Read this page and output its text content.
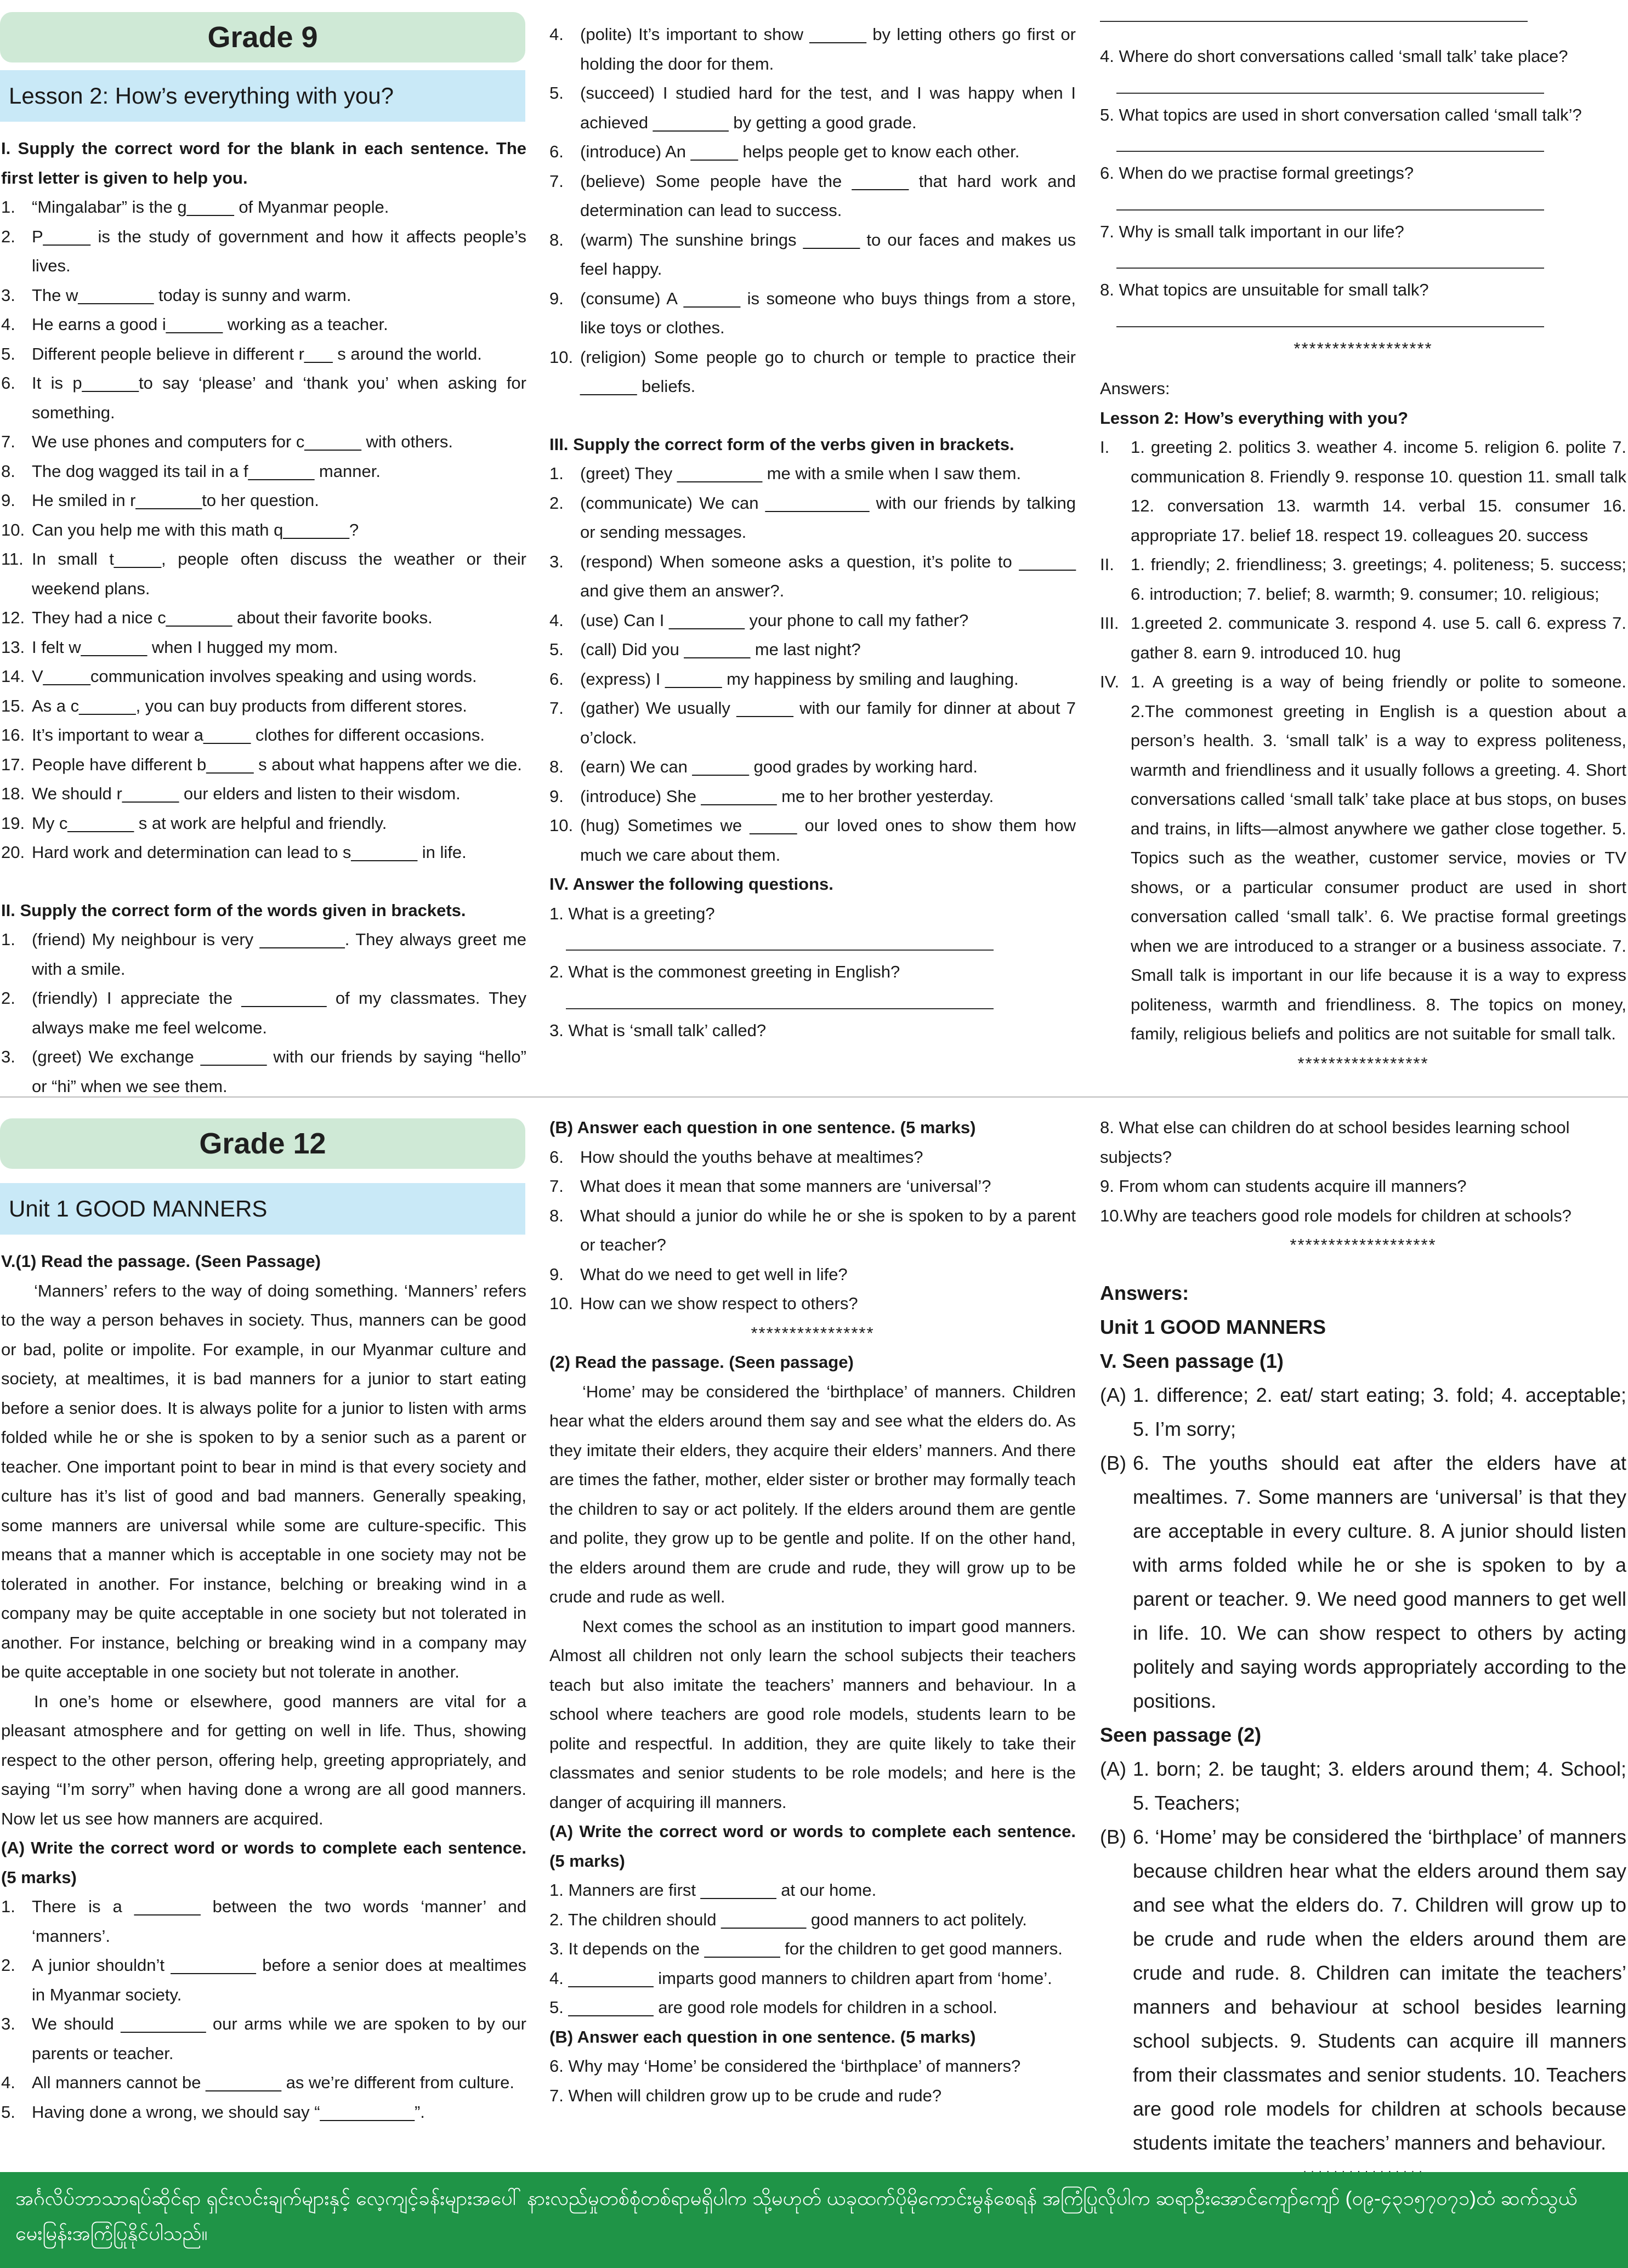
Grade 9
Lesson 2: How’s everything with you?

I. Supply the correct word for the blank in each sentence. The first letter is given to help you.

1. “Mingalabar” is the g_____ of Myanmar people.
2. P_____ is the study of government and how it affects people’s lives.
3. The w________ today is sunny and warm.
4. He earns a good i______ working as a teacher.
5. Different people believe in different r___ s around the world.
6. It is p______to say ‘please’ and ‘thank you’ when asking for something.
7. We use phones and computers for c______ with others.
8. The dog wagged its tail in a f_______ manner.
9. He smiled in r_______to her question.
10. Can you help me with this math q_______?
11. In small t_____, people often discuss the weather or their weekend plans.
12. They had a nice c_______ about their favorite books.
13. I felt w_______ when I hugged my mom.
14. V_____communication involves speaking and using words.
15. As a c______, you can buy products from different stores.
16. It’s important to wear a_____ clothes for different occasions.
17. People have different b_____ s about what happens after we die.
18. We should r______ our elders and listen to their wisdom.
19. My c_______ s at work are helpful and friendly.
20. Hard work and determination can lead to s_______ in life.

II. Supply the correct form of the words given in brackets.

1. (friend) My neighbour is very _________. They always greet me with a smile.
2. (friendly) I appreciate the _________ of my classmates. They always make me feel welcome.
3. (greet) We exchange _______ with our friends by saying “hello” or “hi” when we see them.
4. (polite) It’s important to show ______ by letting others go first or holding the door for them.
5. (succeed) I studied hard for the test, and I was happy when I achieved ________ by getting a good grade.
6. (introduce) An _____ helps people get to know each other.
7. (believe) Some people have the ______ that hard work and determination can lead to success.
8. (warm) The sunshine brings ______ to our faces and makes us feel happy.
9. (consume) A ______ is someone who buys things from a store, like toys or clothes.
10. (religion) Some people go to church or temple to practice their ______ beliefs.

III. Supply the correct form of the verbs given in brackets.

1. (greet) They _________ me with a smile when I saw them.
2. (communicate) We can ___________ with our friends by talking or sending messages.
3. (respond) When someone asks a question, it’s polite to ______ and give them an answer?.
4. (use) Can I ________ your phone to call my father?
5. (call) Did you _______ me last night?
6. (express) I ______ my happiness by smiling and laughing.
7. (gather) We usually ______ with our family for dinner at about 7 o’clock.
8. (earn) We can ______ good grades by working hard.
9. (introduce) She ________ me to her brother yesterday.
10. (hug) Sometimes we _____ our loved ones to show them how much we care about them.

IV. Answer the following questions.

1. What is a greeting?

2. What is the commonest greeting in English?

3. What is ‘small talk’ called?

4. Where do short conversations called ‘small talk’ take place?

5. What topics are used in short conversation called ‘small talk’?

6. When do we practise formal greetings?

7. Why is small talk important in our life?

8. What topics are unsuitable for small talk?

******************

Answers:

Lesson 2: How’s everything with you?

I.	1. greeting 2. politics 3. weather 4. income 5. religion 6. polite 7. communication 8. Friendly 9. response 10. question 11. small talk 12. conversation 13. warmth 14. verbal 15. consumer 16. appropriate 17. belief 18. respect 19. colleagues 20. success
II. 1. friendly; 2. friendliness; 3. greetings; 4. politeness; 5. success; 6. introduction; 7. belief; 8. warmth; 9. consumer; 10. religious;
III. 1.greeted 2. communicate 3. respond 4. use 5. call 6. express 7. gather 8. earn 9. introduced 10. hug
IV. 1. A greeting is a way of being friendly or polite to someone. 2.The commonest greeting in English is a question about a person’s health. 3. ‘small talk’ is a way to express politeness, warmth and friendliness and it usually follows a greeting. 4. Short conversations called ‘small talk’ take place at bus stops, on buses and trains, in lifts—almost anywhere we gather close together. 5. Topics such as the weather, customer service, movies or TV shows, or a particular consumer product are used in short conversation called ‘small talk’. 6. We practise formal greetings when we are introduced to a stranger or a business associate. 7. Small talk is important in our life because it is a way to express politeness, warmth and friendliness. 8. The topics on money, family, religious beliefs and politics are not suitable for small talk.

*****************

Grade 12
Unit 1 GOOD MANNERS

V.(1) Read the passage. (Seen Passage)

‘Manners’ refers to the way of doing something. ‘Manners’ refers to the way a person behaves in society. Thus, manners can be good or bad, polite or impolite. For example, in our Myanmar culture and society, at mealtimes, it is bad manners for a junior to start eating before a senior does. It is always polite for a junior to listen with arms folded while he or she is spoken to by a senior such as a parent or teacher. One important point to bear in mind is that every society and culture has it’s list of good and bad manners. Generally speaking, some manners are universal while some are culture-specific. This means that a manner which is acceptable in one society may not be tolerated in another. For instance, belching or breaking wind in a company may be quite acceptable in one society but not tolerated in another. For instance, belching or breaking wind in a company may be quite acceptable in one society but not tolerate in another.

In one’s home or elsewhere, good manners are vital for a pleasant atmosphere and for getting on well in life. Thus, showing respect to the other person, offering help, greeting appropriately, and saying “I’m sorry” when having done a wrong are all good manners. Now let us see how manners are acquired.

(A) Write the correct word or words to complete each sentence. (5 marks)

1. There is a _______ between the two words ‘manner’ and ‘manners’.
2. A junior shouldn’t _________ before a senior does at mealtimes in Myanmar society.
3. We should _________ our arms while we are spoken to by our parents or teacher.
4. All manners cannot be ________ as we’re different from culture.
5. Having done a wrong, we should say “__________”.

(B) Answer each question in one sentence. (5 marks)

6. How should the youths behave at mealtimes?
7. What does it mean that some manners are ‘universal’?
8. What should a junior do while he or she is spoken to by a parent or teacher?
9. What do we need to get well in life?
10. How can we show respect to others?

****************

(2) Read the passage. (Seen passage)

‘Home’ may be considered the ‘birthplace’ of manners. Children hear what the elders around them say and see what the elders do. As they imitate their elders, they acquire their elders’ manners. And there are times the father, mother, elder sister or brother may formally teach the children to say or act politely. If the elders around them are gentle and polite, they grow up to be gentle and polite. If on the other hand, the elders around them are crude and rude, they will grow up to be crude and rude as well.

Next comes the school as an institution to impart good manners. Almost all children not only learn the school subjects their teachers teach but also imitate the teachers’ manners and behaviour. In a school where teachers are good role models, students learn to be polite and respectful. In addition, they are quite likely to take their classmates and senior students to be role models; and here is the danger of acquiring ill manners.

(A) Write the correct word or words to complete each sentence. (5 marks)

1. Manners are first ________ at our home.

2. The children should _________ good manners to act politely.

3. It depends on the ________ for the children to get good manners.

4. _________ imparts good manners to children apart from ‘home’.

5. _________ are good role models for children in a school.

(B) Answer each question in one sentence. (5 marks)

6. Why may ‘Home’ be considered the ‘birthplace’ of manners?

7. When will children grow up to be crude and rude?

8. What else can children do at school besides learning school subjects?

9. From whom can students acquire ill manners?

10.Why are teachers good role models for children at schools?

*******************

Answers:

Unit 1 GOOD MANNERS

V. Seen passage (1)

(A) 1. difference; 2. eat/ start eating; 3. fold; 4. acceptable; 5. I’m sorry;
(B) 6. The youths should eat after the elders have at mealtimes. 7. Some manners are ‘universal’ is that they are acceptable in every culture. 8. A junior should listen with arms folded while he or she is spoken to by a parent or teacher. 9. We need good manners to get well in life. 10. We can show respect to others by acting politely and saying words appropriately according to the positions.

Seen passage (2)

(A) 1. born; 2. be taught; 3. elders around them; 4. School; 5. Teachers;
(B) 6. ‘Home’ may be considered the ‘birthplace’ of manners because children hear what the elders around them say and see what the elders do. 7. Children will grow up to be crude and rude when the elders around them are crude and rude. 8. Children can imitate the teachers’ manners and behaviour at school besides learning school subjects. 9. Students can acquire ill manners from their classmates and senior students. 10. Teachers are good role models for children at schools because students imitate the teachers’ manners and behaviour.

အင်္ဂလိပ်ဘာသာရပ်ဆိုင်ရာ ရှင်းလင်းချက်များနှင့် လေ့ကျင့်ခန်းများအပေါ် နားလည်မှုတစ်စုံတစ်ရာမရှိပါက သို့မဟုတ် ယခုထက်ပိုမိုကောင်းမွန်စေရန် အကြံပြုလိုပါက ဆရာဦးအောင်ကျော်ကျော် (၀၉-၄၃၁၅၇၀၇၁)ထံ ဆက်သွယ်မေးမြန်းအကြံပြုနိုင်ပါသည်။
